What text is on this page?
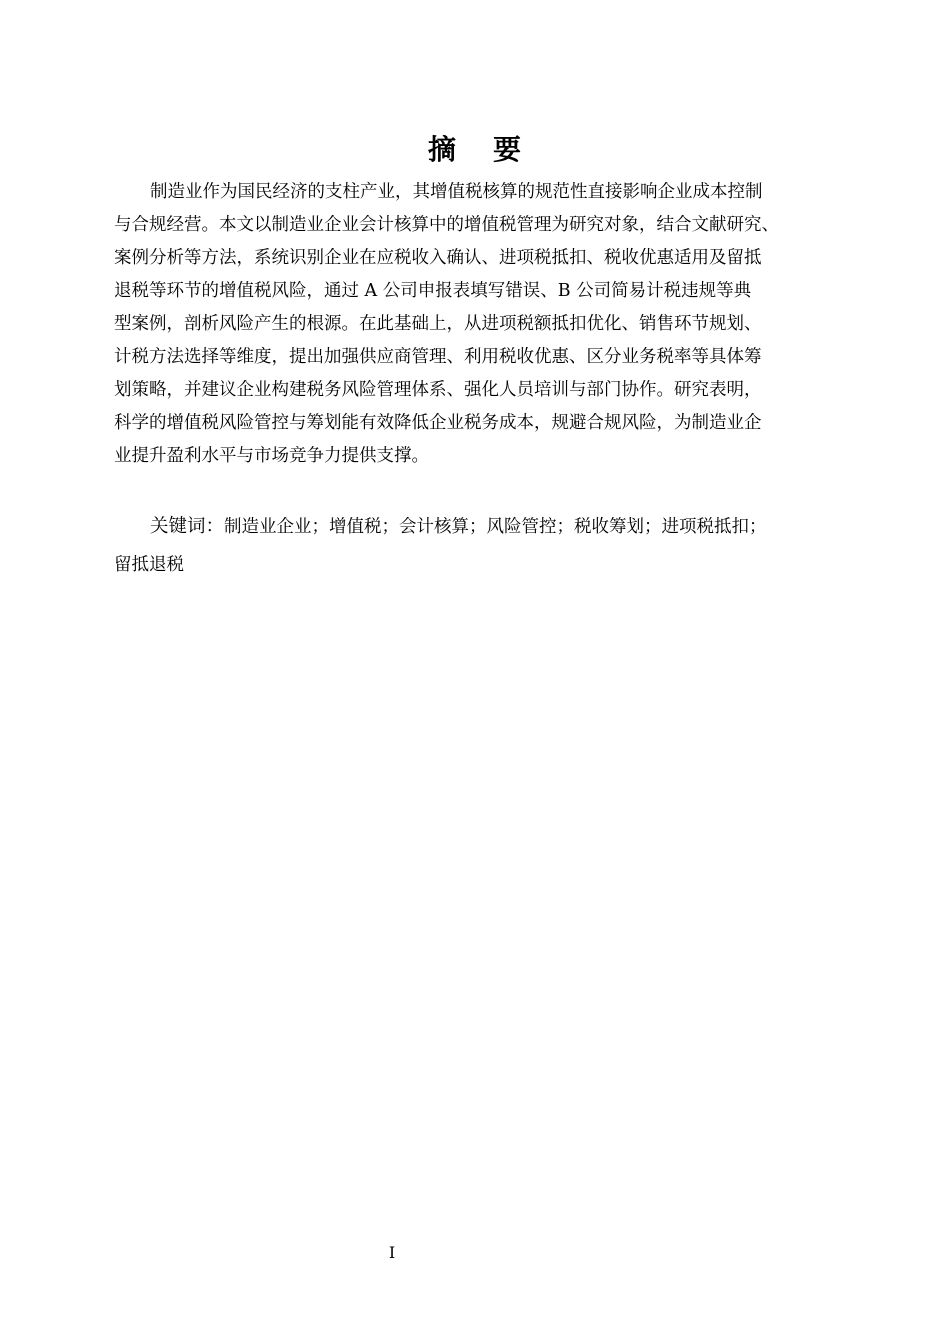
摘 要
制造业作为国民经济的支柱产业，其增值税核算的规范性直接影响企业成本控制
与合规经营。本文以制造业企业会计核算中的增值税管理为研究对象，结合文献研究、
案例分析等方法，系统识别企业在应税收入确认、进项税抵扣、税收优惠适用及留抵
退税等环节的增值税风险，通过 A 公司申报表填写错误、B 公司简易计税违规等典
型案例，剖析风险产生的根源。在此基础上，从进项税额抵扣优化、销售环节规划、
计税方法选择等维度，提出加强供应商管理、利用税收优惠、区分业务税率等具体筹
划策略，并建议企业构建税务风险管理体系、强化人员培训与部门协作。研究表明，
科学的增值税风险管控与筹划能有效降低企业税务成本，规避合规风险，为制造业企
业提升盈利水平与市场竞争力提供支撑。
关键词：制造业企业；增值税；会计核算；风险管控；税收筹划；进项税抵扣；
留抵退税
I
